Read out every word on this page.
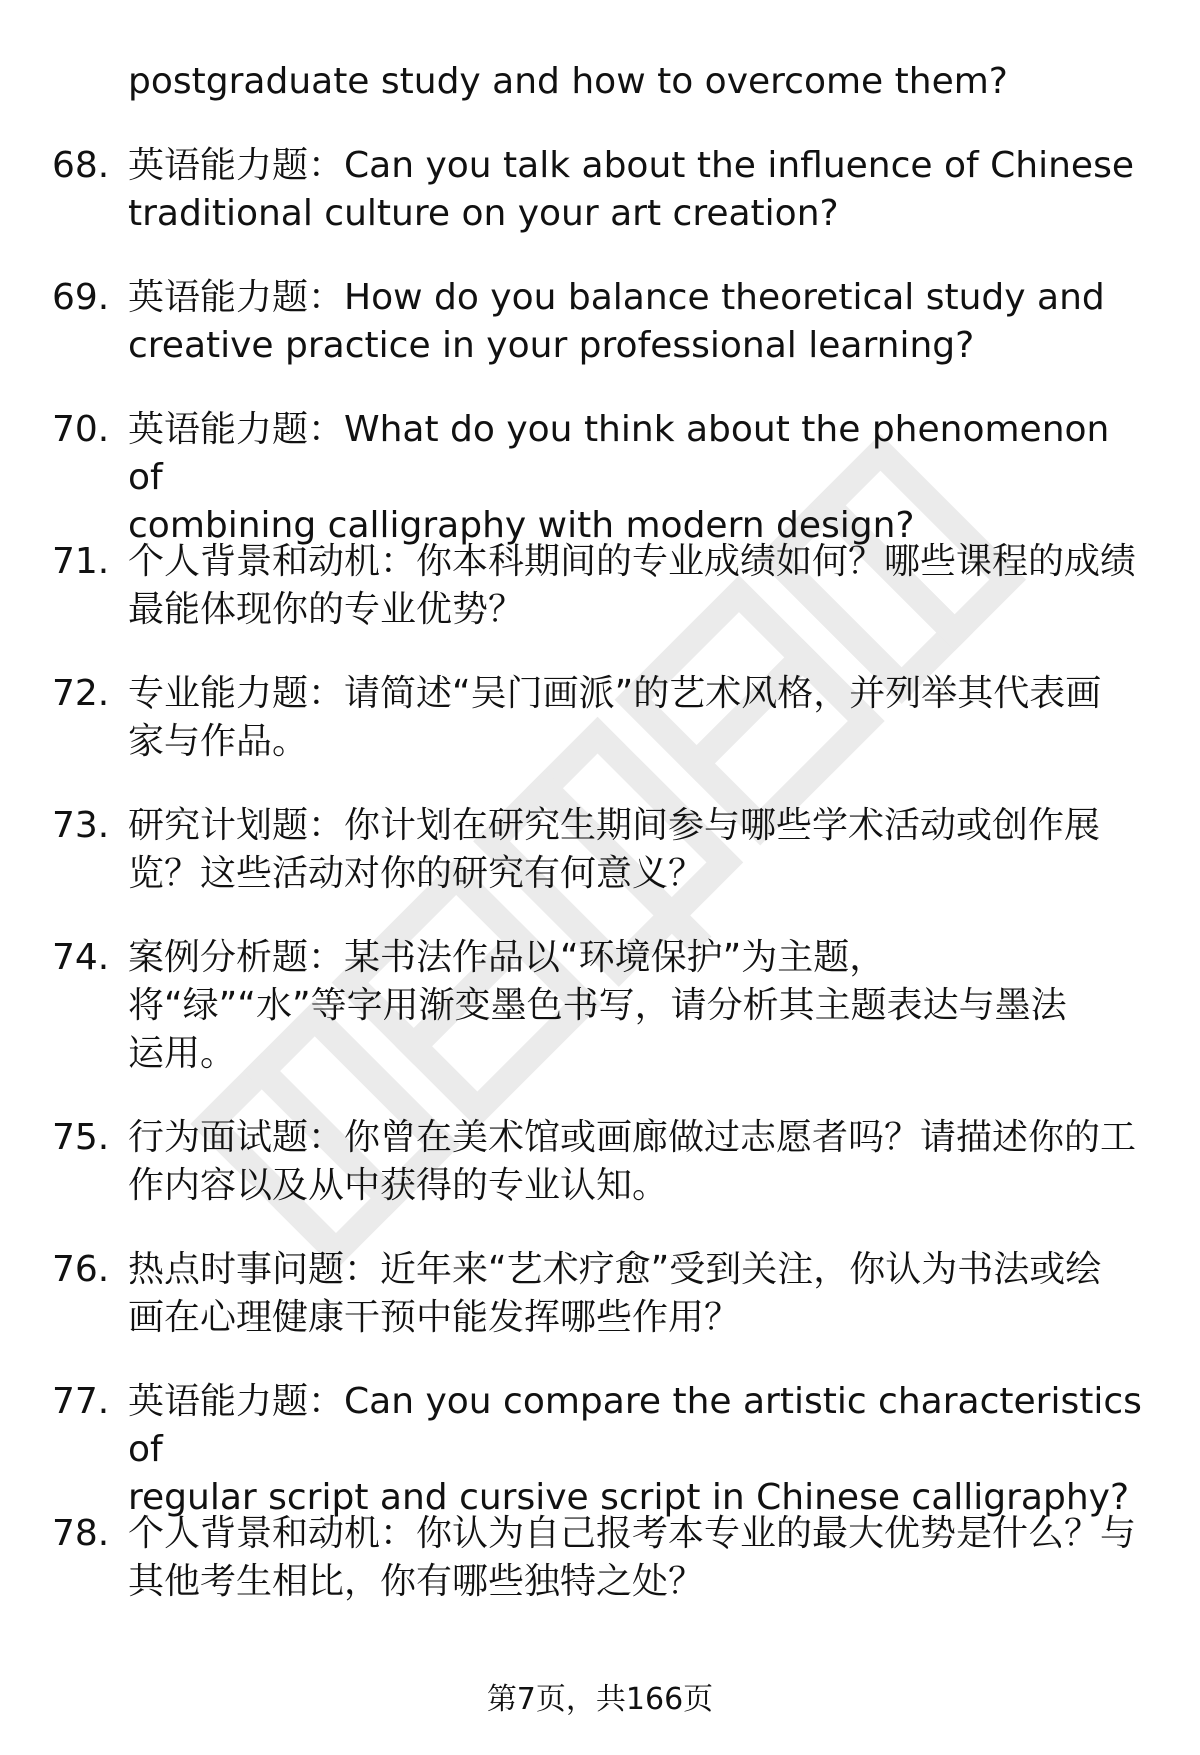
postgraduate study and how to overcome them?

68. 英语能力题：Can you talk about the influence of Chinese
traditional culture on your art creation?

69. 英语能力题：How do you balance theoretical study and
creative practice in your professional learning?

70. 英语能力题：What do you think about the phenomenon of
combining calligraphy with modern design?

71. 个人背景和动机：你本科期间的专业成绩如何？哪些课程的成绩
最能体现你的专业优势？

72. 专业能力题：请简述“吴门画派”的艺术风格，并列举其代表画
家与作品。

73. 研究计划题：你计划在研究生期间参与哪些学术活动或创作展
览？这些活动对你的研究有何意义？

74. 案例分析题：某书法作品以“环境保护”为主题，
将“绿”“水”等字用渐变墨色书写，请分析其主题表达与墨法
运用。

75. 行为面试题：你曾在美术馆或画廊做过志愿者吗？请描述你的工
作内容以及从中获得的专业认知。

76. 热点时事问题：近年来“艺术疗愈”受到关注，你认为书法或绘
画在心理健康干预中能发挥哪些作用？

77. 英语能力题：Can you compare the artistic characteristics of
regular script and cursive script in Chinese calligraphy?

78. 个人背景和动机：你认为自己报考本专业的最大优势是什么？与
其他考生相比，你有哪些独特之处？

第7页，共166页
